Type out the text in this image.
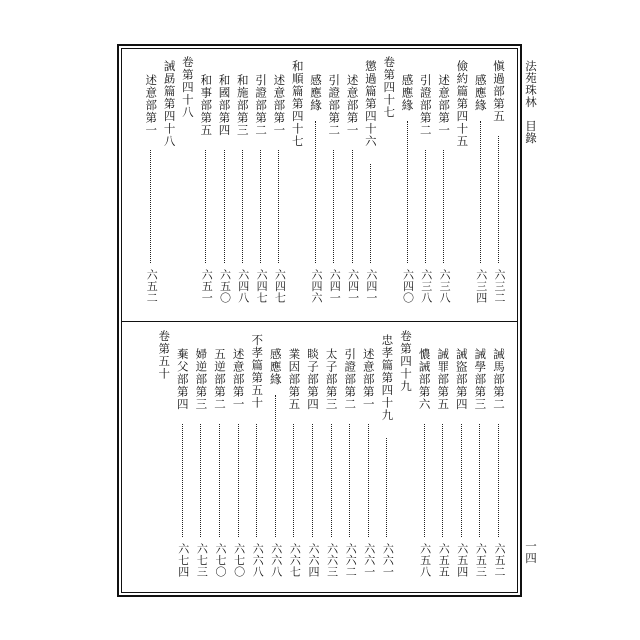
法苑珠林　目錄
一四
愼過部第五
六三二
感應緣
六三四
儉約篇第四十五
述意部第一
六三八
引證部第二
六三八
感應緣
六四〇
卷第四十七
懲過篇第四十六
六四一
述意部第一
六四一
引證部第二
六四一
感應緣
六四六
和順篇第四十七
述意部第一
六四七
引證部第二
六四七
和施部第三
六四八
和國部第四
六五〇
和事部第五
六五一
卷第四十八
誡勗篇第四十八
述意部第一
六五二
誡馬部第二
六五二
誡學部第三
六五三
誡盜部第四
六五四
誡罪部第五
六五五
憹誡部第六
六五八
卷第四十九
忠孝篇第四十九
六六一
述意部第一
六六一
引證部第二
六六二
太子部第三
六六三
睒子部第四
六六四
業因部第五
六六七
感應緣
六六八
不孝篇第五十
六六八
述意部第一
六七〇
五逆部第二
六七〇
婦逆部第三
六七三
棄父部第四
六七四
卷第五十
